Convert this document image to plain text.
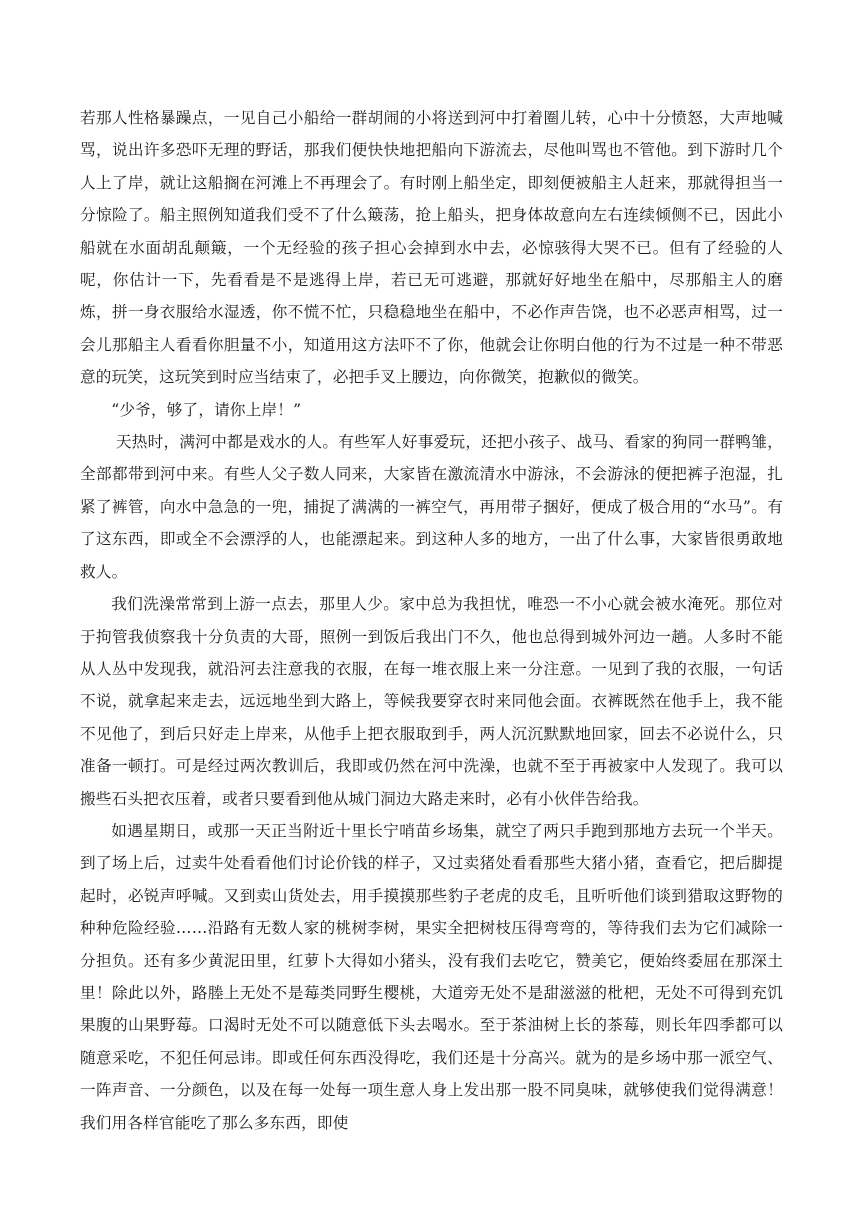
若那人性格暴躁点，一见自己小船给一群胡闹的小将送到河中打着圈儿转，心中十分愤怒，大声地喊骂，说出许多恐吓无理的野话，那我们便快快地把船向下游流去，尽他叫骂也不管他。到下游时几个人上了岸，就让这船搁在河滩上不再理会了。有时刚上船坐定，即刻便被船主人赶来，那就得担当一分惊险了。船主照例知道我们受不了什么簸荡，抢上船头，把身体故意向左右连续倾侧不已，因此小船就在水面胡乱颠簸，一个无经验的孩子担心会掉到水中去，必惊骇得大哭不已。但有了经验的人呢，你估计一下，先看看是不是逃得上岸，若已无可逃避，那就好好地坐在船中，尽那船主人的磨炼，拼一身衣服给水湿透，你不慌不忙，只稳稳地坐在船中，不必作声告饶，也不必恶声相骂，过一会儿那船主人看看你胆量不小，知道用这方法吓不了你，他就会让你明白他的行为不过是一种不带恶意的玩笑，这玩笑到时应当结束了，必把手叉上腰边，向你微笑，抱歉似的微笑。

“少爷，够了，请你上岸！”

天热时，满河中都是戏水的人。有些军人好事爱玩，还把小孩子、战马、看家的狗同一群鸭雏，全部都带到河中来。有些人父子数人同来，大家皆在激流清水中游泳，不会游泳的便把裤子泡湿，扎紧了裤管，向水中急急的一兜，捕捉了满满的一裤空气，再用带子捆好，便成了极合用的“水马”。有了这东西，即或全不会漂浮的人，也能漂起来。到这种人多的地方，一出了什么事，大家皆很勇敢地救人。

我们洗澡常常到上游一点去，那里人少。家中总为我担忧，唯恐一不小心就会被水淹死。那位对于拘管我侦察我十分负责的大哥，照例一到饭后我出门不久，他也总得到城外河边一趟。人多时不能从人丛中发现我，就沿河去注意我的衣服，在每一堆衣服上来一分注意。一见到了我的衣服，一句话不说，就拿起来走去，远远地坐到大路上，等候我要穿衣时来同他会面。衣裤既然在他手上，我不能不见他了，到后只好走上岸来，从他手上把衣服取到手，两人沉沉默默地回家，回去不必说什么，只准备一顿打。可是经过两次教训后，我即或仍然在河中洗澡，也就不至于再被家中人发现了。我可以搬些石头把衣压着，或者只要看到他从城门洞边大路走来时，必有小伙伴告给我。

如遇星期日，或那一天正当附近十里长宁哨苗乡场集，就空了两只手跑到那地方去玩一个半天。到了场上后，过卖牛处看看他们讨论价钱的样子，又过卖猪处看看那些大猪小猪，查看它，把后脚提起时，必锐声呼喊。又到卖山货处去，用手摸摸那些豹子老虎的皮毛，且听听他们谈到猎取这野物的种种危险经验……沿路有无数人家的桃树李树，果实全把树枝压得弯弯的，等待我们去为它们减除一分担负。还有多少黄泥田里，红萝卜大得如小猪头，没有我们去吃它，赞美它，便始终委屈在那深土里！除此以外，路塍上无处不是莓类同野生樱桃，大道旁无处不是甜滋滋的枇杷，无处不可得到充饥果腹的山果野莓。口渴时无处不可以随意低下头去喝水。至于茶油树上长的茶莓，则长年四季都可以随意采吃，不犯任何忌讳。即或任何东西没得吃，我们还是十分高兴。就为的是乡场中那一派空气、一阵声音、一分颜色，以及在每一处每一项生意人身上发出那一股不同臭味，就够使我们觉得满意！我们用各样官能吃了那么多东西，即使
